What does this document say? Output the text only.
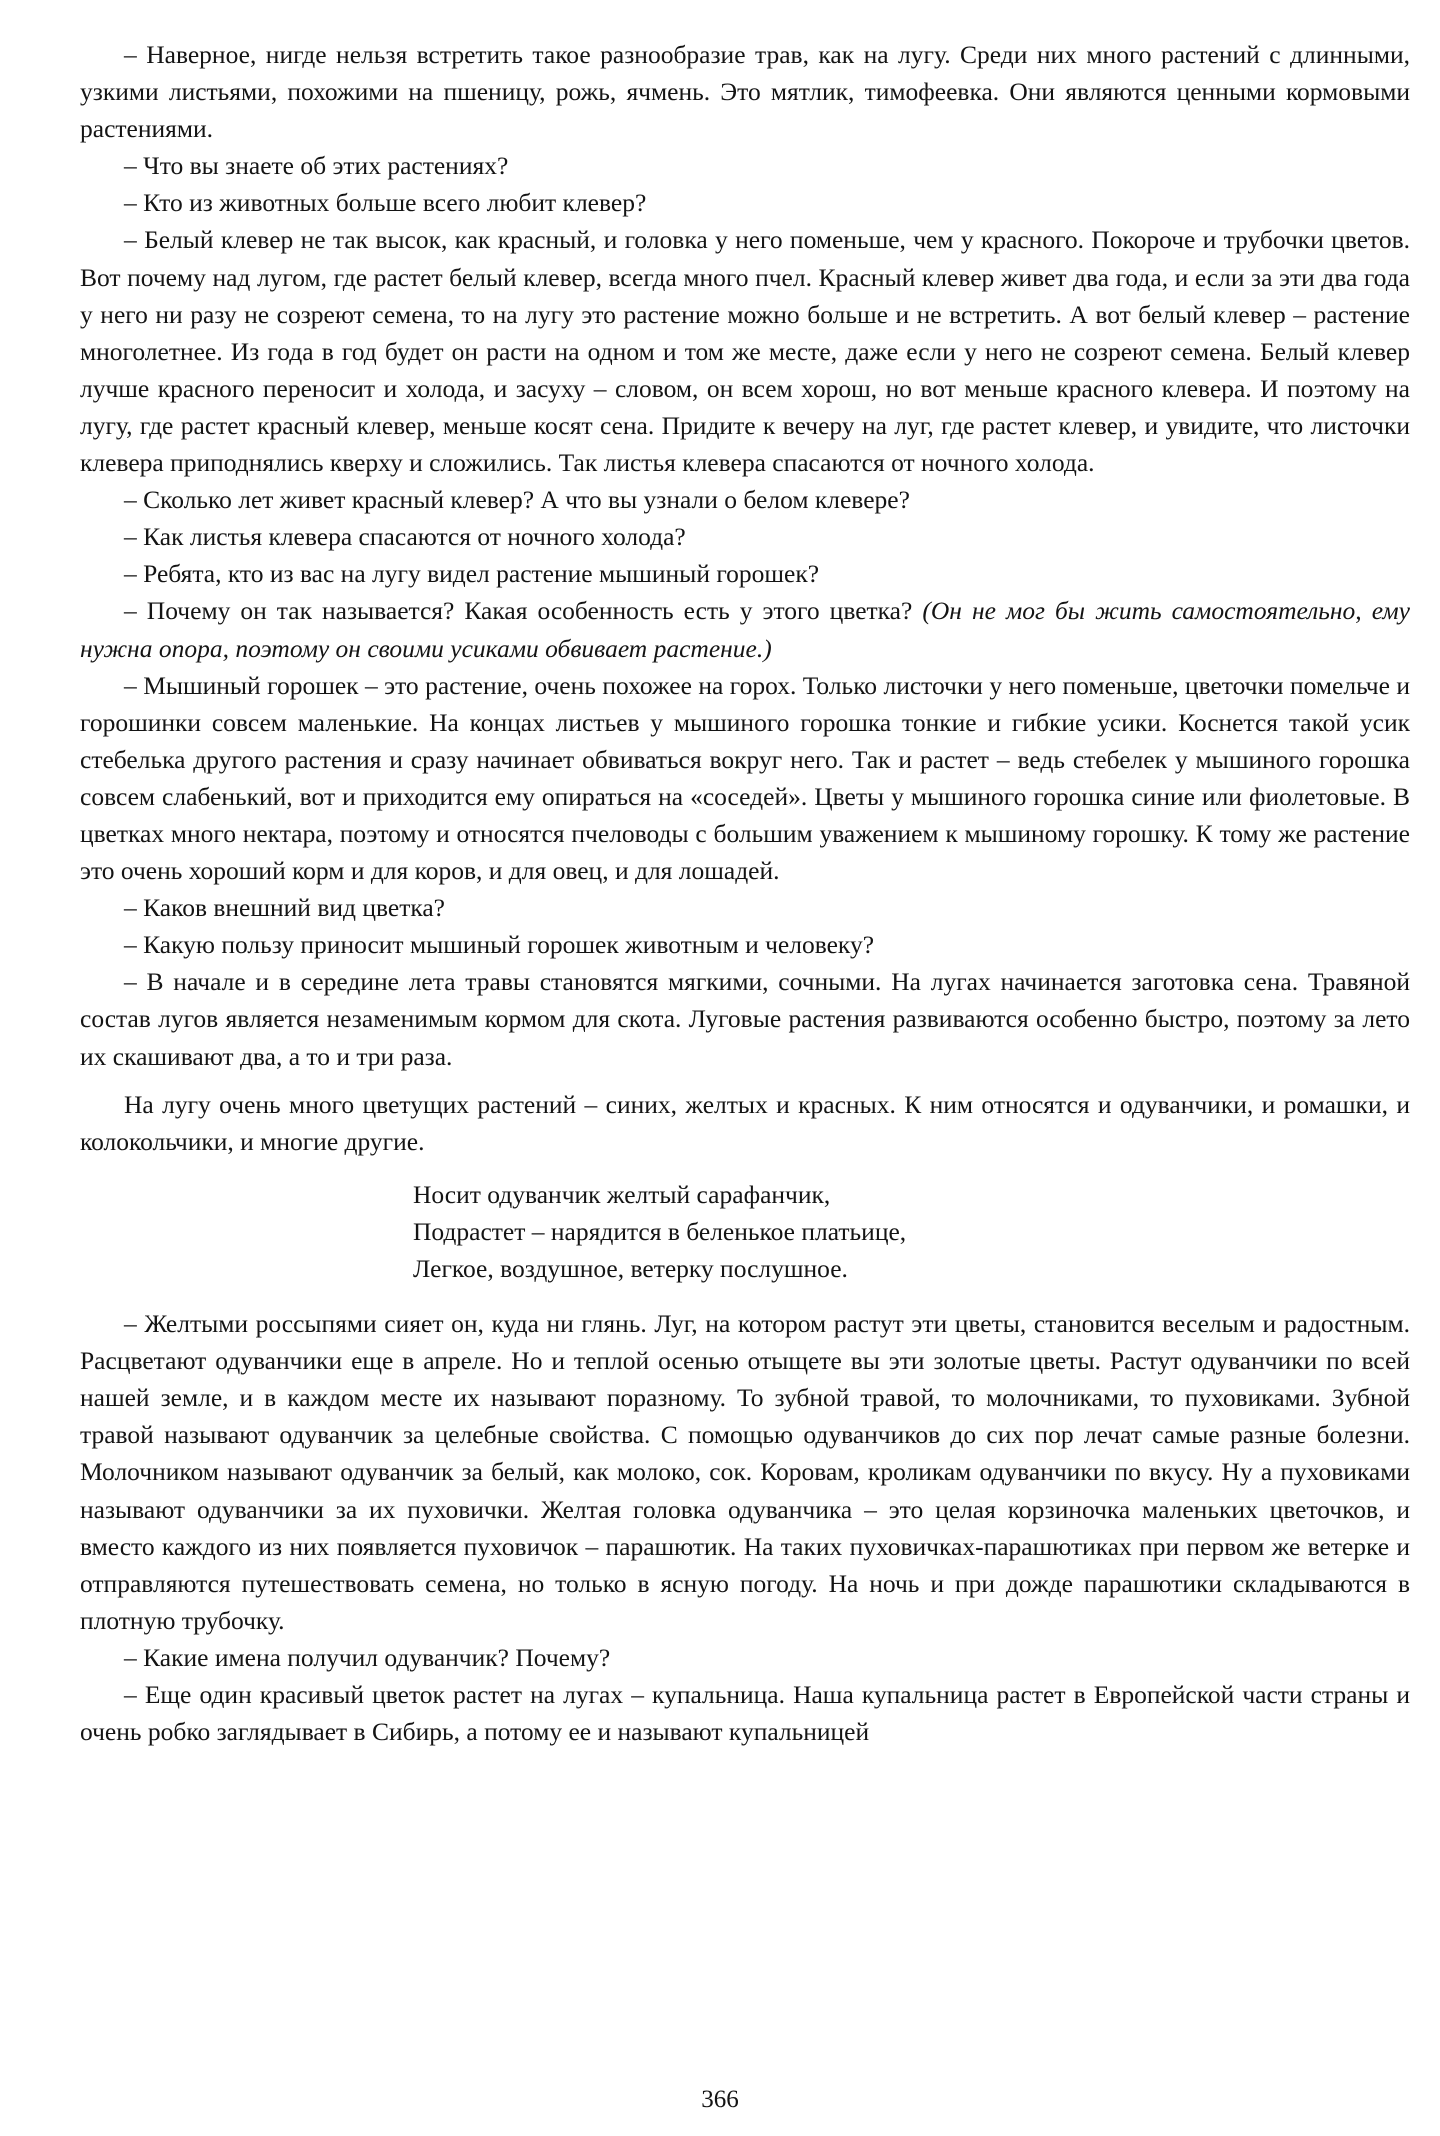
– Наверное, нигде нельзя встретить такое разнообразие трав, как на лугу. Среди них много растений с длинными, узкими листьями, похожими на пшеницу, рожь, ячмень. Это мятлик, тимофеевка. Они являются ценными кормовыми растениями.

– Что вы знаете об этих растениях?

– Кто из животных больше всего любит клевер?

– Белый клевер не так высок, как красный, и головка у него поменьше, чем у красного. Покороче и трубочки цветов. Вот почему над лугом, где растет белый клевер, всегда много пчел. Красный клевер живет два года, и если за эти два года у него ни разу не созреют семена, то на лугу это растение можно больше и не встретить. А вот белый клевер – растение многолетнее. Из года в год будет он расти на одном и том же месте, даже если у него не созреют семена. Белый клевер лучше красного переносит и холода, и засуху – словом, он всем хорош, но вот меньше красного клевера. И поэтому на лугу, где растет красный клевер, меньше косят сена. Придите к вечеру на луг, где растет клевер, и увидите, что листочки клевера приподнялись кверху и сложились. Так листья клевера спасаются от ночного холода.

– Сколько лет живет красный клевер? А что вы узнали о белом клевере?

– Как листья клевера спасаются от ночного холода?

– Ребята, кто из вас на лугу видел растение мышиный горошек?

– Почему он так называется? Какая особенность есть у этого цветка? (Он не мог бы жить самостоятельно, ему нужна опора, поэтому он своими усиками обвивает растение.)

– Мышиный горошек – это растение, очень похожее на горох. Только листочки у него поменьше, цветочки помельче и горошинки совсем маленькие. На концах листьев у мышиного горошка тонкие и гибкие усики. Коснется такой усик стебелька другого растения и сразу начинает обвиваться вокруг него. Так и растет – ведь стебелек у мышиного горошка совсем слабенький, вот и приходится ему опираться на «соседей». Цветы у мышиного горошка синие или фиолетовые. В цветках много нектара, поэтому и относятся пчеловоды с большим уважением к мышиному горошку. К тому же растение это очень хороший корм и для коров, и для овец, и для лошадей.

– Каков внешний вид цветка?

– Какую пользу приносит мышиный горошек животным и человеку?

– В начале и в середине лета травы становятся мягкими, сочными. На лугах начинается заготовка сена. Травяной состав лугов является незаменимым кормом для скота. Луговые растения развиваются особенно быстро, поэтому за лето их скашивают два, а то и три раза.

На лугу очень много цветущих растений – синих, желтых и красных. К ним относятся и одуванчики, и ромашки, и колокольчики, и многие другие.

Носит одуванчик желтый сарафанчик,
Подрастет – нарядится в беленькое платьице,
Легкое, воздушное, ветерку послушное.

– Желтыми россыпями сияет он, куда ни глянь. Луг, на котором растут эти цветы, становится веселым и радостным. Расцветают одуванчики еще в апреле. Но и теплой осенью отыщете вы эти золотые цветы. Растут одуванчики по всей нашей земле, и в каждом месте их называют поразному. То зубной травой, то молочниками, то пуховиками. Зубной травой называют одуванчик за целебные свойства. С помощью одуванчиков до сих пор лечат самые разные болезни. Молочником называют одуванчик за белый, как молоко, сок. Коровам, кроликам одуванчики по вкусу. Ну а пуховиками называют одуванчики за их пуховички. Желтая головка одуванчика – это целая корзиночка маленьких цветочков, и вместо каждого из них появляется пуховичок – парашютик. На таких пуховичках-парашютиках при первом же ветерке и отправляются путешествовать семена, но только в ясную погоду. На ночь и при дожде парашютики складываются в плотную трубочку.

– Какие имена получил одуванчик? Почему?

– Еще один красивый цветок растет на лугах – купальница. Наша купальница растет в Европейской части страны и очень робко заглядывает в Сибирь, а потому ее и называют купальницей

366
